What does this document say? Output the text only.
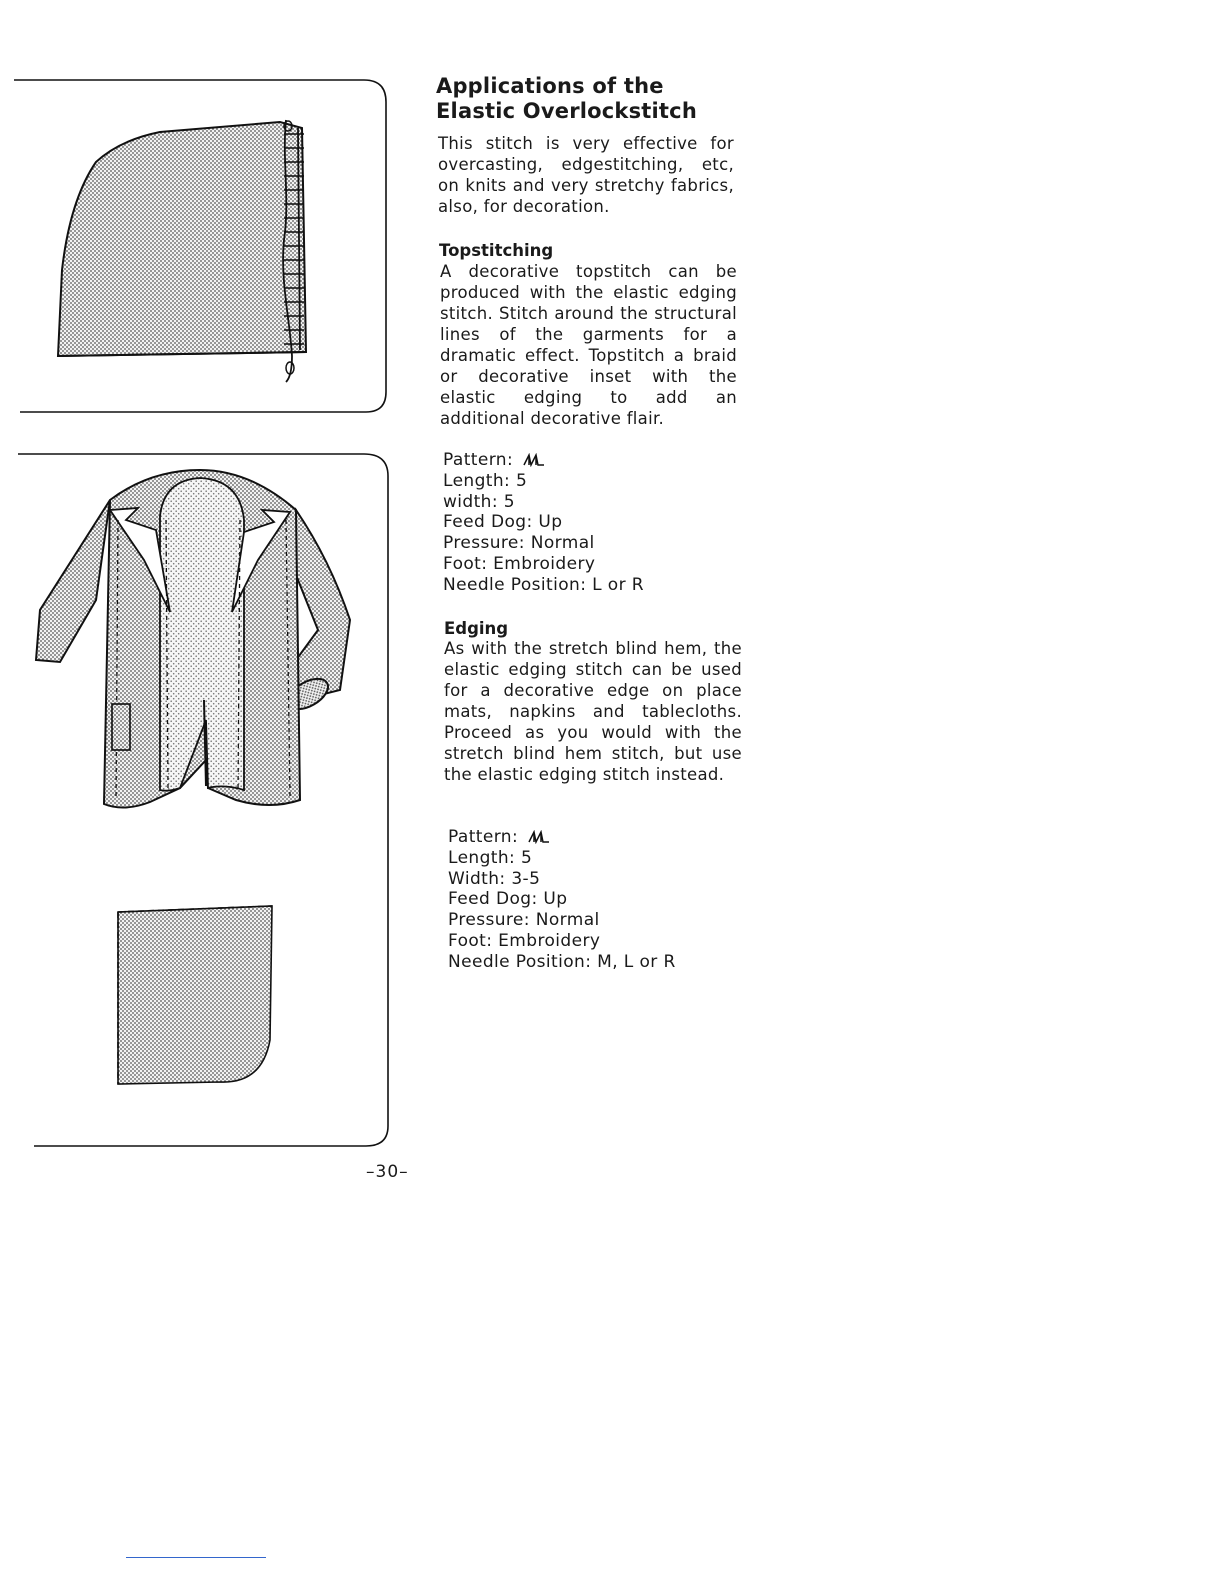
Applications of the Elastic Overlockstitch

This stitch is very effective for overcasting, edgestitching, etc, on knits and very stretchy fabrics, also, for decoration.

Topstitching

A decorative topstitch can be produced with the elastic edging stitch. Stitch around the structural lines of the garments for a dramatic effect. Topstitch a braid or decorative inset with the elastic edging to add an additional decorative flair.

Pattern:
Length: 5
width: 5
Feed Dog: Up
Pressure: Normal
Foot: Embroidery
Needle Position: L or R
Edging

As with the stretch blind hem, the elastic edging stitch can be used for a decorative edge on place mats, napkins and tablecloths. Proceed as you would with the stretch blind hem stitch, but use the elastic edging stitch instead.

Pattern:
Length: 5
Width: 3-5
Feed Dog: Up
Pressure: Normal
Foot: Embroidery
Needle Position: M, L or R
–30–
